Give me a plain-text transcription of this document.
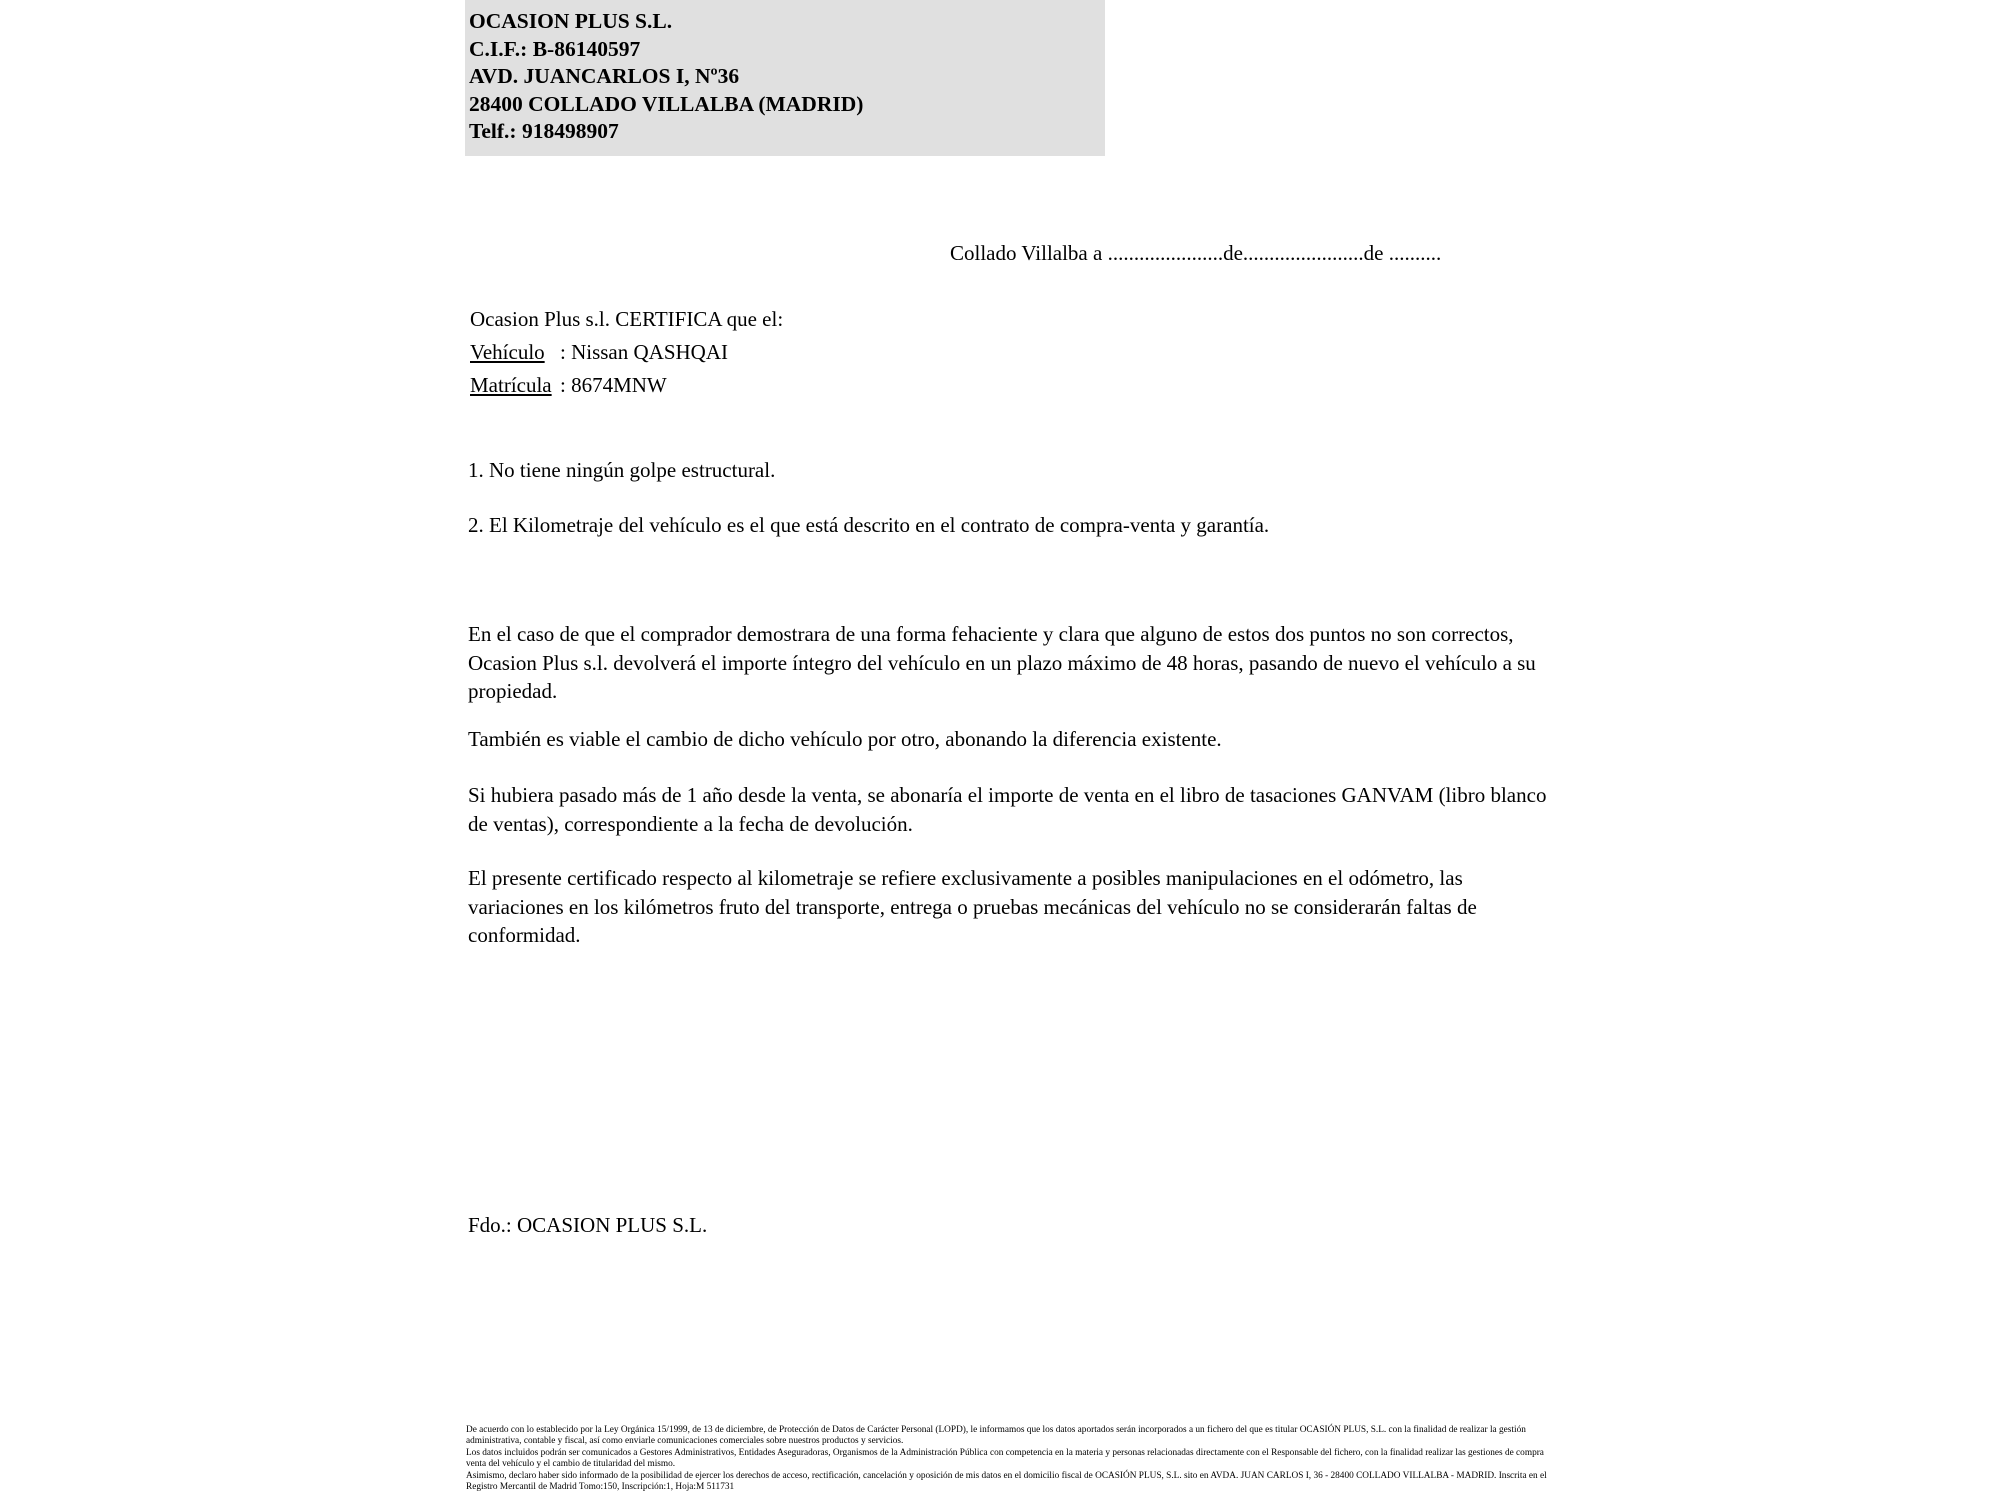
OCASION PLUS S.L.
C.I.F.: B-86140597
AVD. JUANCARLOS I, Nº36
28400 COLLADO VILLALBA (MADRID)
Telf.: 918498907
Collado Villalba a ......................de.......................de ..........
Ocasion Plus s.l. CERTIFICA que el:
Vehículo : Nissan QASHQAI
Matrícula : 8674MNW
1. No tiene ningún golpe estructural.
2. El Kilometraje del vehículo es el que está descrito en el contrato de compra-venta y garantía.
En el caso de que el comprador demostrara de una forma fehaciente y clara que alguno de estos dos puntos no son correctos, Ocasion Plus s.l. devolverá el importe íntegro del vehículo en un plazo máximo de 48 horas, pasando de nuevo el vehículo a su propiedad.
También es viable el cambio de dicho vehículo por otro, abonando la diferencia existente.
Si hubiera pasado más de 1 año desde la venta, se abonaría el importe de venta en el libro de tasaciones GANVAM (libro blanco de ventas), correspondiente a la fecha de devolución.
El presente certificado respecto al kilometraje se refiere exclusivamente a posibles manipulaciones en el odómetro, las variaciones en los kilómetros fruto del transporte, entrega o pruebas mecánicas del vehículo no se considerarán faltas de conformidad.
Fdo.: OCASION PLUS S.L.

De acuerdo con lo establecido por la Ley Orgánica 15/1999, de 13 de diciembre, de Protección de Datos de Carácter Personal (LOPD), le informamos que los datos aportados serán incorporados a un fichero del que es titular OCASIÓN PLUS, S.L. con la finalidad de realizar la gestión administrativa, contable y fiscal, así como enviarle comunicaciones comerciales sobre nuestros productos y servicios.

Los datos incluidos podrán ser comunicados a Gestores Administrativos, Entidades Aseguradoras, Organismos de la Administración Pública con competencia en la materia y personas relacionadas directamente con el Responsable del fichero, con la finalidad realizar las gestiones de compra venta del vehículo y el cambio de titularidad del mismo.

Asimismo, declaro haber sido informado de la posibilidad de ejercer los derechos de acceso, rectificación, cancelación y oposición de mis datos en el domicilio fiscal de OCASIÓN PLUS, S.L. sito en AVDA. JUAN CARLOS I, 36 - 28400 COLLADO VILLALBA - MADRID. Inscrita en el Registro Mercantil de Madrid Tomo:150, Inscripción:1, Hoja:M 511731
